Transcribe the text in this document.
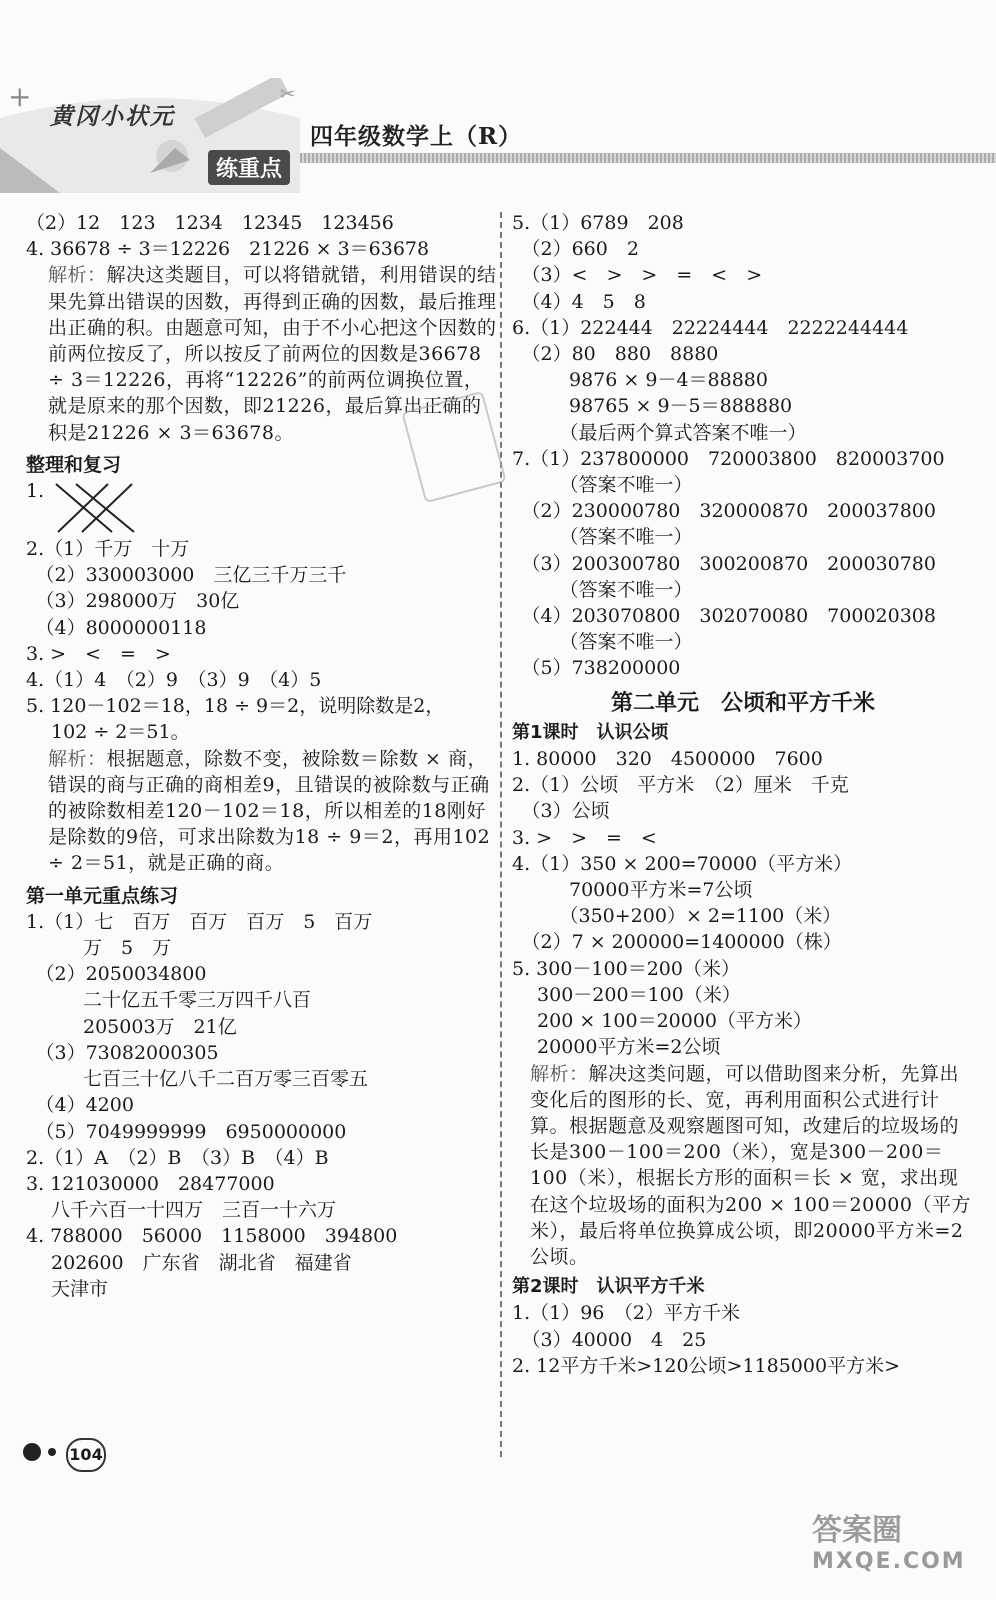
+	✂
黄冈小状元
练重点
四年级数学上（R）
（2）12　123　1234　12345　123456
4. 36678 ÷ 3＝12226　21226 × 3＝63678
解析：解决这类题目，可以将错就错，利用错误的结果先算出错误的因数，再得到正确的因数，最后推理出正确的积。由题意可知，由于不小心把这个因数的前两位按反了，所以按反了前两位的因数是36678 ÷ 3＝12226，再将“12226”的前两位调换位置，就是原来的那个因数，即21226，最后算出正确的积是21226 × 3＝63678。
整理和复习
1.
2.（1）千万　十万
　（2）330003000　三亿三千万三千
　（3）298000万　30亿
　（4）8000000118
3. >　<　=　>
4.（1）4　（2）9　（3）9　（4）5
5. 120－102＝18，18 ÷ 9＝2，说明除数是2，
　 102 ÷ 2＝51。
解析：根据题意，除数不变，被除数＝除数 × 商，错误的商与正确的商相差9，且错误的被除数与正确的被除数相差120－102＝18，所以相差的18刚好是除数的9倍，可求出除数为18 ÷ 9＝2，再用102 ÷ 2＝51，就是正确的商。
第一单元重点练习
1.（1）七　百万　百万　百万　5　百万
　　　万　5　万
　（2）2050034800
　　　二十亿五千零三万四千八百
　　　205003万　21亿
　（3）73082000305
　　　七百三十亿八千二百万零三百零五
　（4）4200
　（5）7049999999　6950000000
2.（1）A　（2）B　（3）B　（4）B
3. 121030000　28477000
　 八千六百一十四万　三百一十六万
4. 788000　56000　1158000　394800
　 202600　广东省　湖北省　福建省
　 天津市
5.（1）6789　208
　（2）660　2
　（3）<　>　>　=　<　>
　（4）4　5　8
6.（1）222444　22224444　2222244444
　（2）80　880　8880
　　　9876 × 9－4＝88880
　　　98765 × 9－5＝888880
　　　（最后两个算式答案不唯一）
7.（1）237800000　720003800　820003700
　　　（答案不唯一）
　（2）230000780　320000870　200037800
　　　（答案不唯一）
　（3）200300780　300200870　200030780
　　　（答案不唯一）
　（4）203070800　302070080　700020308
　　　（答案不唯一）
　（5）738200000
第二单元　公顷和平方千米
第1课时　认识公顷
1. 80000　320　4500000　7600
2.（1）公顷　平方米　（2）厘米　千克
　（3）公顷
3. >　>　=　<
4.（1）350 × 200=70000（平方米）
　　　70000平方米=7公顷
　　　（350+200）× 2=1100（米）
　（2）7 × 200000=1400000（株）
5. 300－100＝200（米）
　 300－200＝100（米）
　 200 × 100＝20000（平方米）
　 20000平方米=2公顷
解析：解决这类问题，可以借助图来分析，先算出变化后的图形的长、宽，再利用面积公式进行计算。根据题意及观察题图可知，改建后的垃圾场的长是300－100＝200（米），宽是300－200＝100（米），根据长方形的面积＝长 × 宽，求出现在这个垃圾场的面积为200 × 100＝20000（平方米），最后将单位换算成公顷，即20000平方米=2公顷。
第2课时　认识平方千米
1.（1）96　（2）平方千米
　（3）40000　4　25
2. 12平方千米>120公顷>1185000平方米>
104
答案圈
MXQE.COM
